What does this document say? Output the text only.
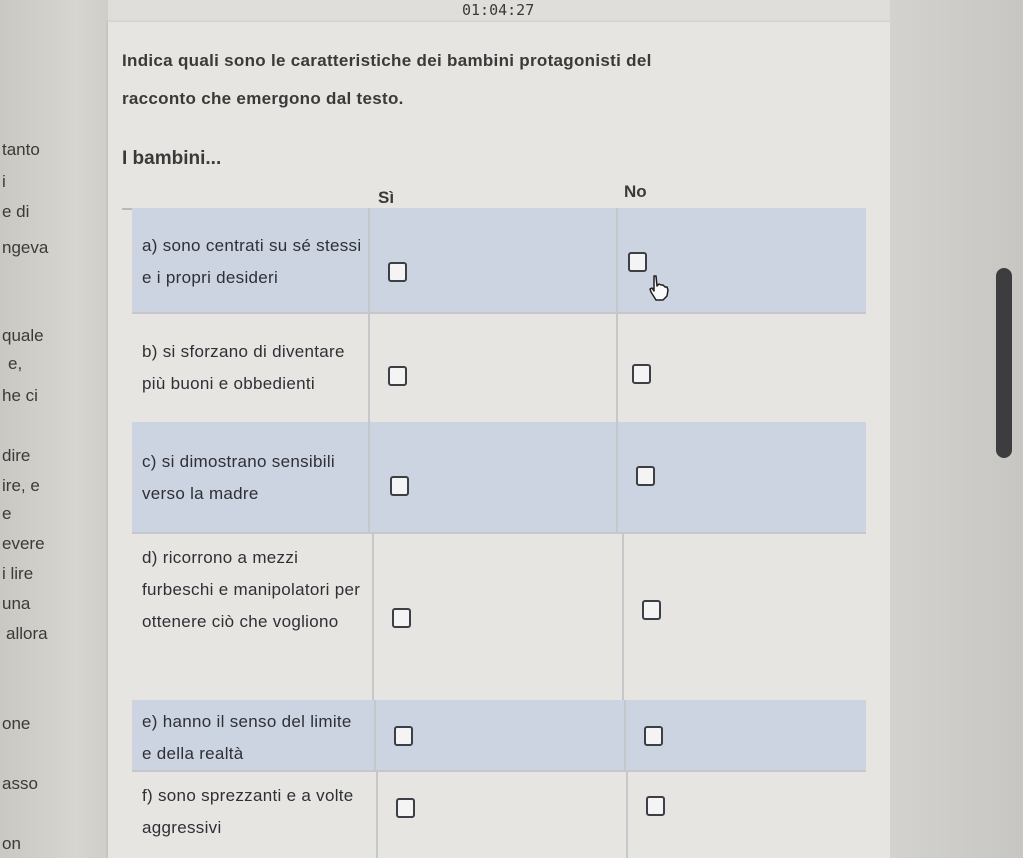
01:04:27
tanto
i
e di
ngeva
quale
e,
he ci
dire
ire, e
e
evere
i lire
una
allora
one
asso
on
Indica quali sono le caratteristiche dei bambini protagonisti del
racconto che emergono dal testo.
I bambini...
Sì	No
a) sono centrati su sé stessi e i propri desideri
b) si sforzano di diventare più buoni e obbedienti
c) si dimostrano sensibili verso la madre
d) ricorrono a mezzi furbeschi e manipolatori per ottenere ciò che vogliono
e) hanno il senso del limite e della realtà
f) sono sprezzanti e a volte aggressivi
